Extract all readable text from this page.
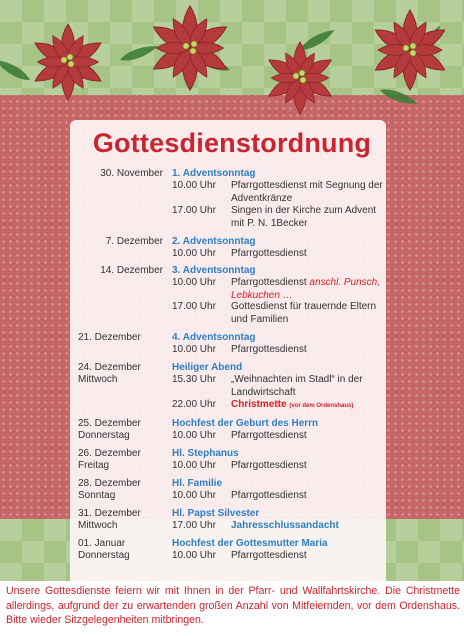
Gottesdienstordnung
30. November 1. Adventsonntag
10.00 Uhr	Pfarrgottesdienst mit Segnung der Adventkränze
17.00 Uhr	Singen in der Kirche zum Advent mit P. N. 1Becker
7. Dezember 2. Adventsonntag
10.00 Uhr	Pfarrgottesdienst
14. Dezember 3. Adventsonntag
10.00 Uhr	Pfarrgottesdienst anschl. Punsch, Lebkuchen …
17.00 Uhr	Gottesdienst für trauernde Eltern und Familien
21. Dezember	4. Adventsonntag
10.00 Uhr	Pfarrgottesdienst
24. Dezember	Heiliger Abend
Mittwoch	15.30 Uhr	„Weihnachten im Stadl“ in der Landwirtschaft
22.00 Uhr	Christmette (vor dem Ordenshaus)
25. Dezember	Hochfest der Geburt des Herrn
Donnerstag	10.00 Uhr	Pfarrgottesdienst
26. Dezember	Hl. Stephanus
Freitag	10.00 Uhr	Pfarrgottesdienst
28. Dezember	Hl. Familie
Sonntag	10.00 Uhr	Pfarrgottesdienst
31. Dezember	Hl. Papst Silvester
Mittwoch	17.00 Uhr	Jahresschlussandacht
01. Januar	Hochfest der Gottesmutter Maria
Donnerstag	10.00 Uhr	Pfarrgottesdienst

Unsere Gottesdienste feiern wir mit Ihnen in der Pfarr- und Wallfahrtskirche. Die Christmette allerdings, aufgrund der zu erwartenden großen Anzahl von Mitfeiernden, vor dem Ordenshaus. Bitte wieder Sitzgelegenheiten mitbringen.
